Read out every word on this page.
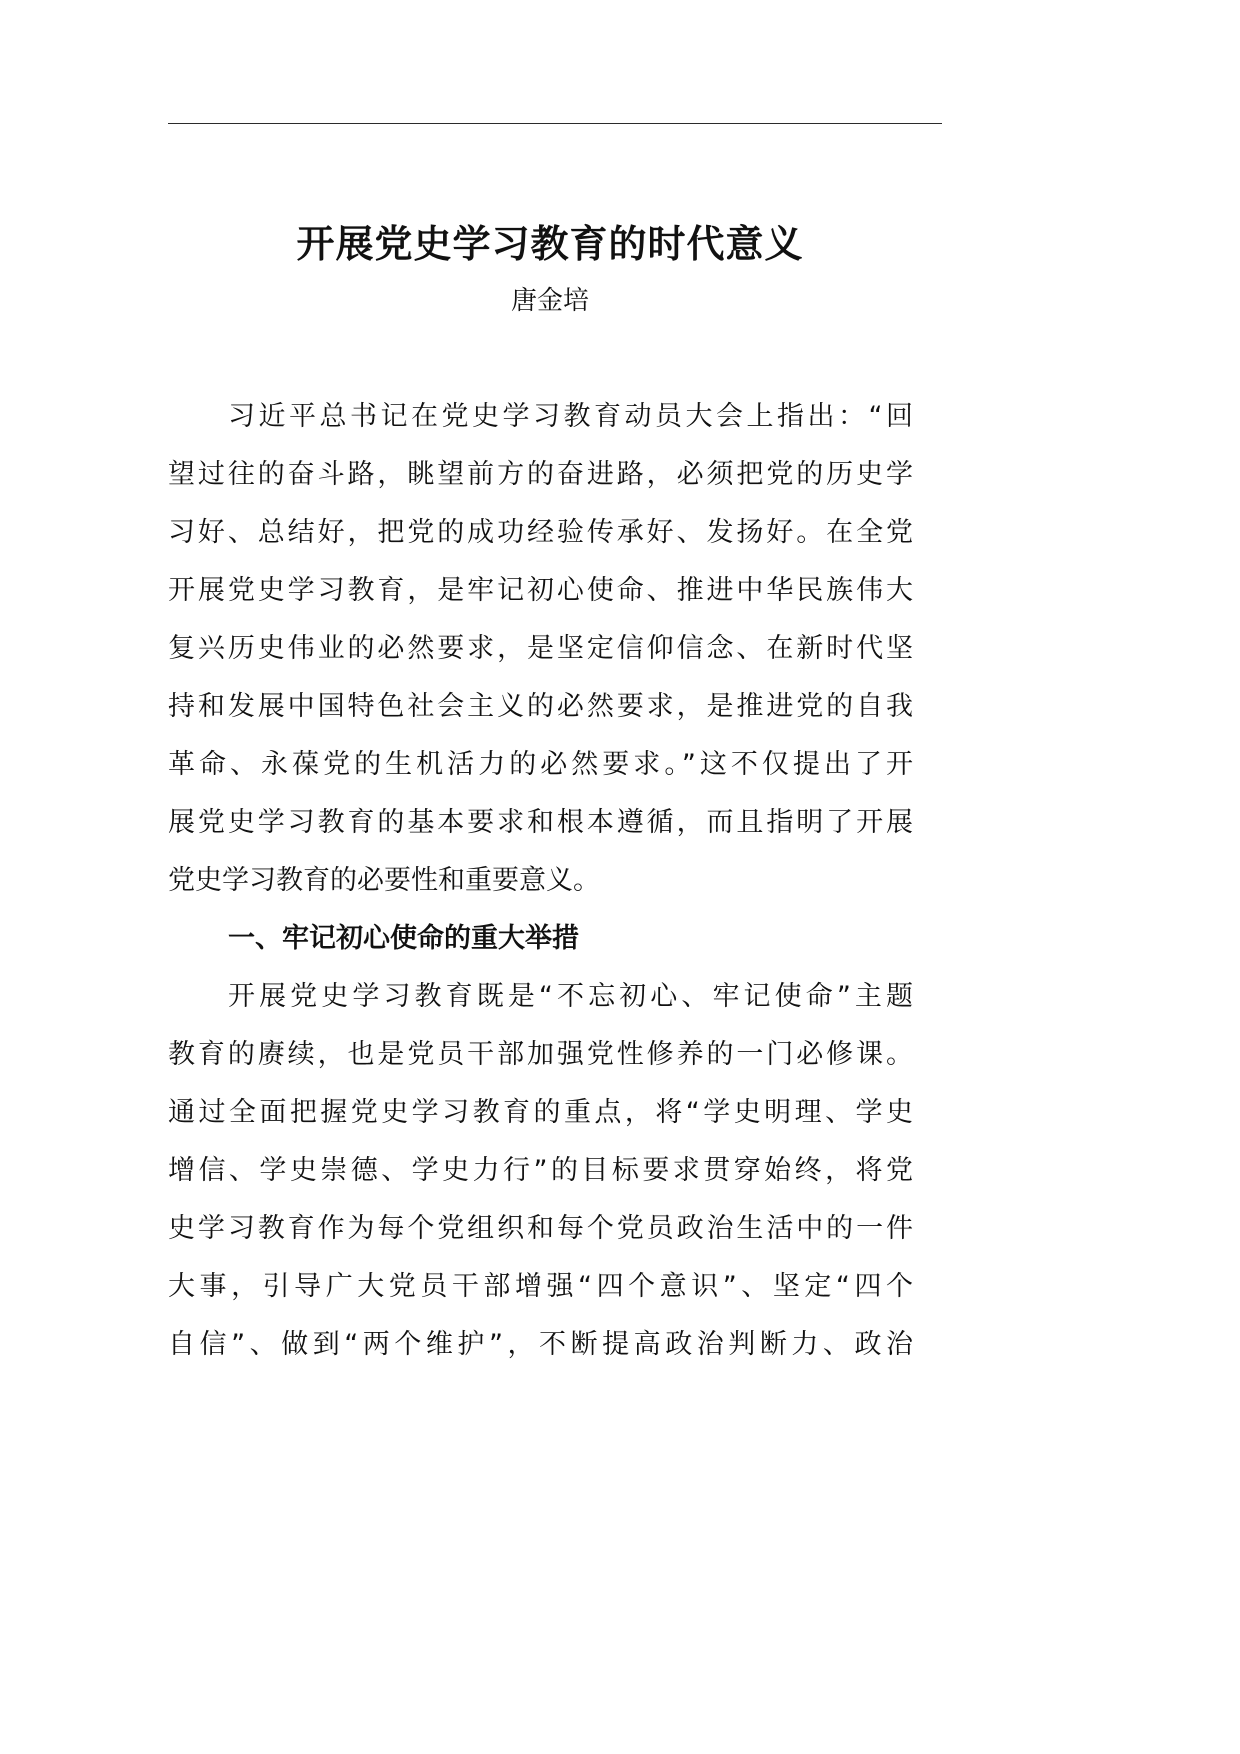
开展党史学习教育的时代意义
唐金培
习近平总书记在党史学习教育动员大会上指出：“回
望过往的奋斗路，眺望前方的奋进路，必须把党的历史学
习好、总结好，把党的成功经验传承好、发扬好。在全党
开展党史学习教育，是牢记初心使命、推进中华民族伟大
复兴历史伟业的必然要求，是坚定信仰信念、在新时代坚
持和发展中国特色社会主义的必然要求，是推进党的自我
革命、永葆党的生机活力的必然要求。”这不仅提出了开
展党史学习教育的基本要求和根本遵循，而且指明了开展
党史学习教育的必要性和重要意义。
一、牢记初心使命的重大举措
开展党史学习教育既是“不忘初心、牢记使命”主题
教育的赓续，也是党员干部加强党性修养的一门必修课。
通过全面把握党史学习教育的重点，将“学史明理、学史
增信、学史崇德、学史力行”的目标要求贯穿始终，将党
史学习教育作为每个党组织和每个党员政治生活中的一件
大事，引导广大党员干部增强“四个意识”、坚定“四个
自信”、做到“两个维护”，不断提高政治判断力、政治
